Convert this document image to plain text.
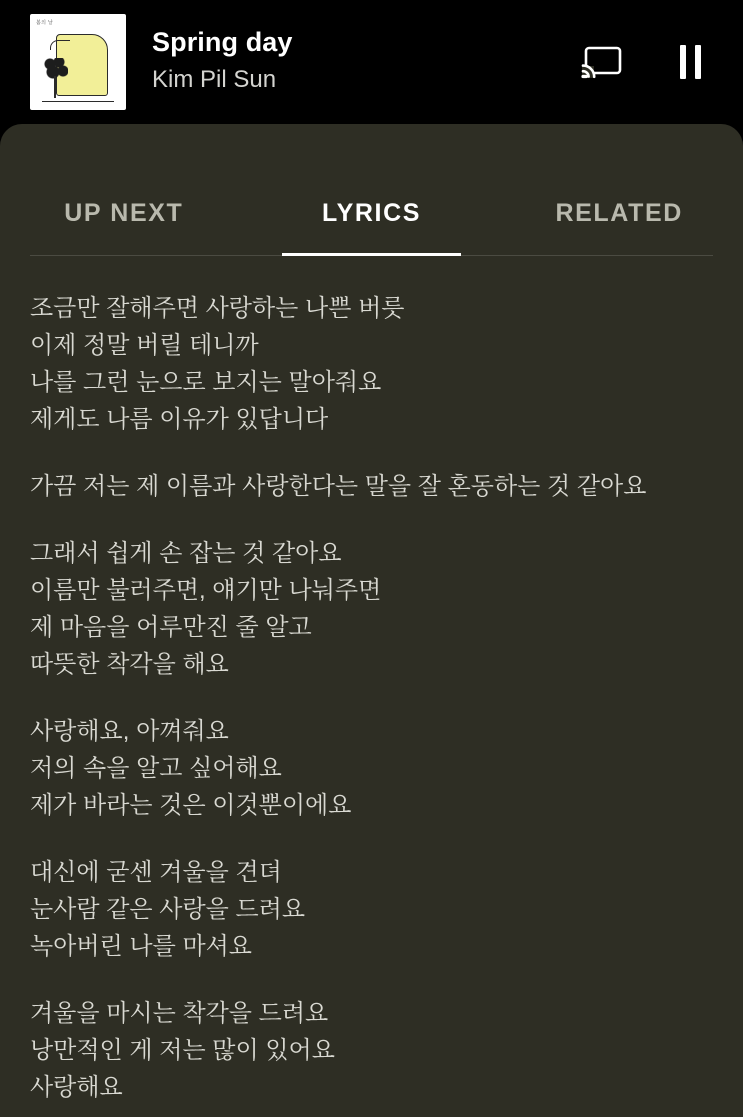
봄의 날
Spring day
Kim Pil Sun
UP NEXT	LYRICS	RELATED
조금만 잘해주면 사랑하는 나쁜 버릇
이제 정말 버릴 테니까
나를 그런 눈으로 보지는 말아줘요
제게도 나름 이유가 있답니다
가끔 저는 제 이름과 사랑한다는 말을 잘 혼동하는 것 같아요
그래서 쉽게 손 잡는 것 같아요
이름만 불러주면, 얘기만 나눠주면
제 마음을 어루만진 줄 알고
따뜻한 착각을 해요
사랑해요, 아껴줘요
저의 속을 알고 싶어해요
제가 바라는 것은 이것뿐이에요
대신에 굳센 겨울을 견뎌
눈사람 같은 사랑을 드려요
녹아버린 나를 마셔요
겨울을 마시는 착각을 드려요
낭만적인 게 저는 많이 있어요
사랑해요
